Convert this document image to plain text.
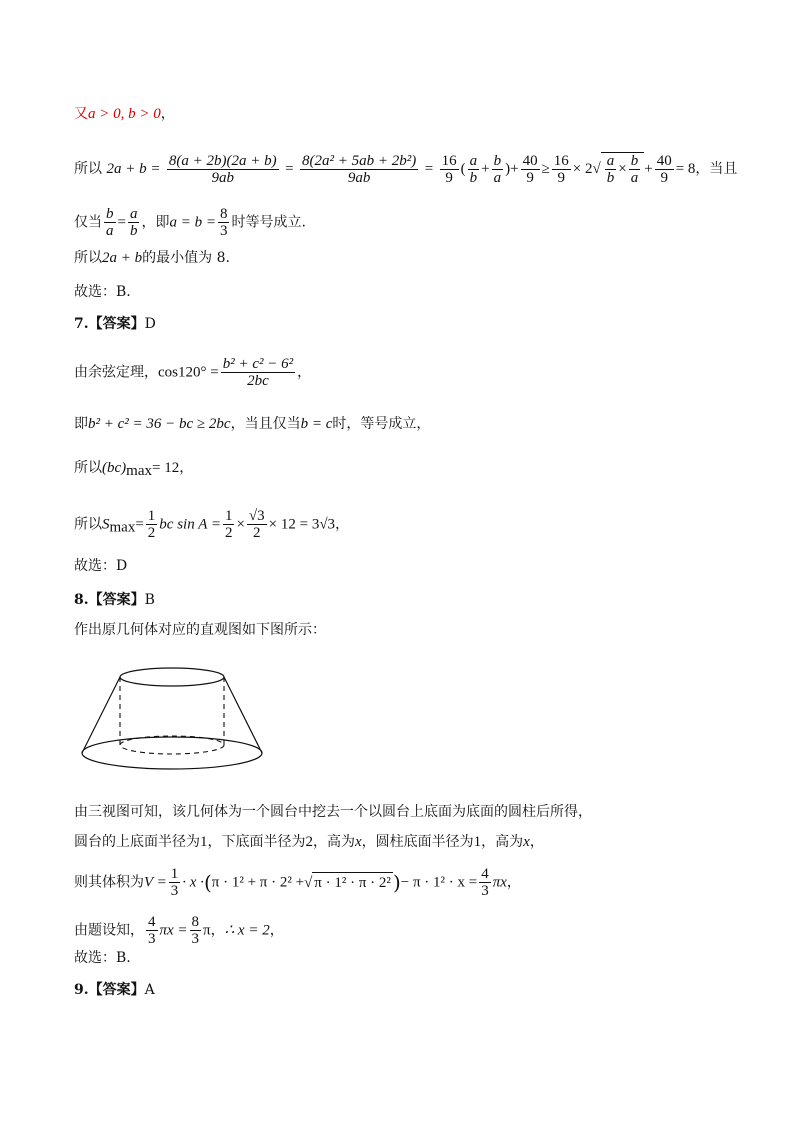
又a > 0, b > 0，
所以 $2a + b = \frac{8(a + 2b)(2a + b)}{9ab} = \frac{\text{8(2a² + 5ab + 2b²)}}{9ab} = \frac{16}{9}$ ( $\frac{a}{b} + \frac{b}{a}$ )+ $\frac{40}{9} \ge \frac{16}{9} \times 2√ \frac{a}{b} \times \frac{b}{a} + \frac{40}{9} = 8$，当且
仅当 $\frac{b}{a} = \frac{a}{b}$ ，即$a = b = \frac{8}{3}$ 时等号成立.
所以2a + b的最小值为 8.
故选：B.
7.【答案】D
由余弦定理，$\cos 120^\circ = \frac{\text{b² + c² − 6²}}{2bc}$ ，
即b² + c² = 36 − bc ≥ 2bc，当且仅当b = c时，等号成立，
所以$(bc)_{max}= 12$，
所以$S_{max}= \frac{1}{2}$ bc $\sin A = \frac{1}{2} \times \frac{√3}{2} \times 12 = 3√3$，
故选：D
8.【答案】B
作出原几何体对应的直观图如下图所示：
由三视图可知，该几何体为一个圆台中挖去一个以圆台上底面为底面的圆柱后所得，
圆台的上底面半径为1，下底面半径为2，高为x，圆柱底面半径为1，高为x，
则其体积为$V = \frac{1}{3} \cdot x \cdot(\pi \cdot 1^2 + \pi \cdot 2^2$ +√ π · 1² · π · 2² )− $\pi \cdot 1^2 \cdot x = \frac{4}{3}$ πx，
由题设知， $\frac{4}{3}$ $\pi x = \frac{8}{3}$ π，∴ x = 2，
故选：B.
9.【答案】A
